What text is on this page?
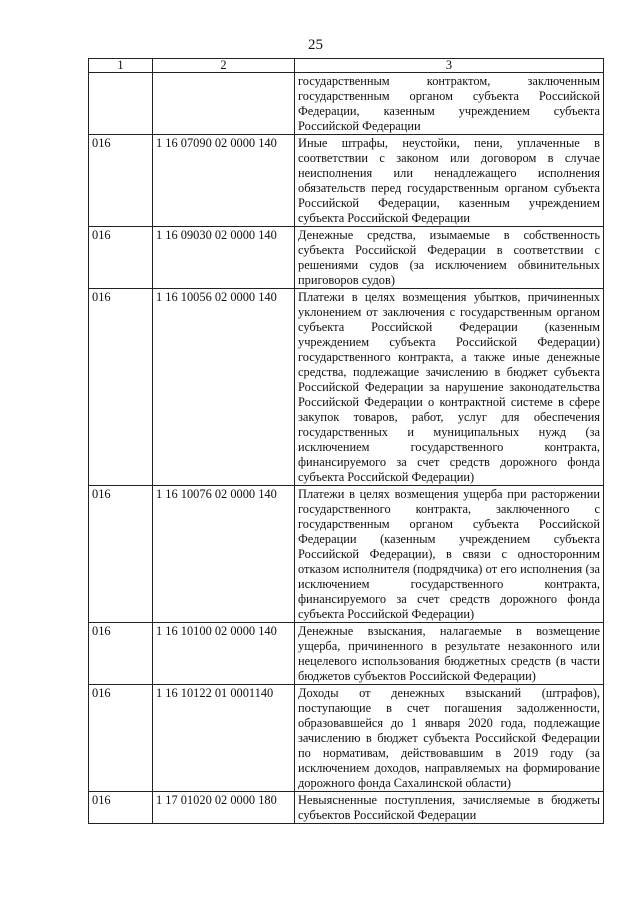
25
1	2	3
		государственным контрактом, заключенным государственным органом субъекта Российской Федерации, казенным учреждением субъекта Российской Федерации
016	1 16 07090 02 0000 140	Иные штрафы, неустойки, пени, уплаченные в соответствии с законом или договором в случае неисполнения или ненадлежащего исполнения обязательств перед государственным органом субъекта Российской Федерации, казенным учреждением субъекта Российской Федерации
016	1 16 09030 02 0000 140	Денежные средства, изымаемые в собственность субъекта Российской Федерации в соответствии с решениями судов (за исключением обвинительных приговоров судов)
016	1 16 10056 02 0000 140	Платежи в целях возмещения убытков, причиненных уклонением от заключения с государственным органом субъекта Российской Федерации (казенным учреждением субъекта Российской Федерации) государственного контракта, а также иные денежные средства, подлежащие зачислению в бюджет субъекта Российской Федерации за нарушение законодательства Российской Федерации о контрактной системе в сфере закупок товаров, работ, услуг для обеспечения государственных и муниципальных нужд (за исключением государственного контракта, финансируемого за счет средств дорожного фонда субъекта Российской Федерации)
016	1 16 10076 02 0000 140	Платежи в целях возмещения ущерба при расторжении государственного контракта, заключенного с государственным органом субъекта Российской Федерации (казенным учреждением субъекта Российской Федерации), в связи с односторонним отказом исполнителя (подрядчика) от его исполнения (за исключением государственного контракта, финансируемого за счет средств дорожного фонда субъекта Российской Федерации)
016	1 16 10100 02 0000 140	Денежные взыскания, налагаемые в возмещение ущерба, причиненного в результате незаконного или нецелевого использования бюджетных средств (в части бюджетов субъектов Российской Федерации)
016	1 16 10122 01 0001140	Доходы от денежных взысканий (штрафов), поступающие в счет погашения задолженности, образовавшейся до 1 января 2020 года, подлежащие зачислению в бюджет субъекта Российской Федерации по нормативам, действовавшим в 2019 году (за исключением доходов, направляемых на формирование дорожного фонда Сахалинской области)
016	1 17 01020 02 0000 180	Невыясненные поступления, зачисляемые в бюджеты субъектов Российской Федерации
